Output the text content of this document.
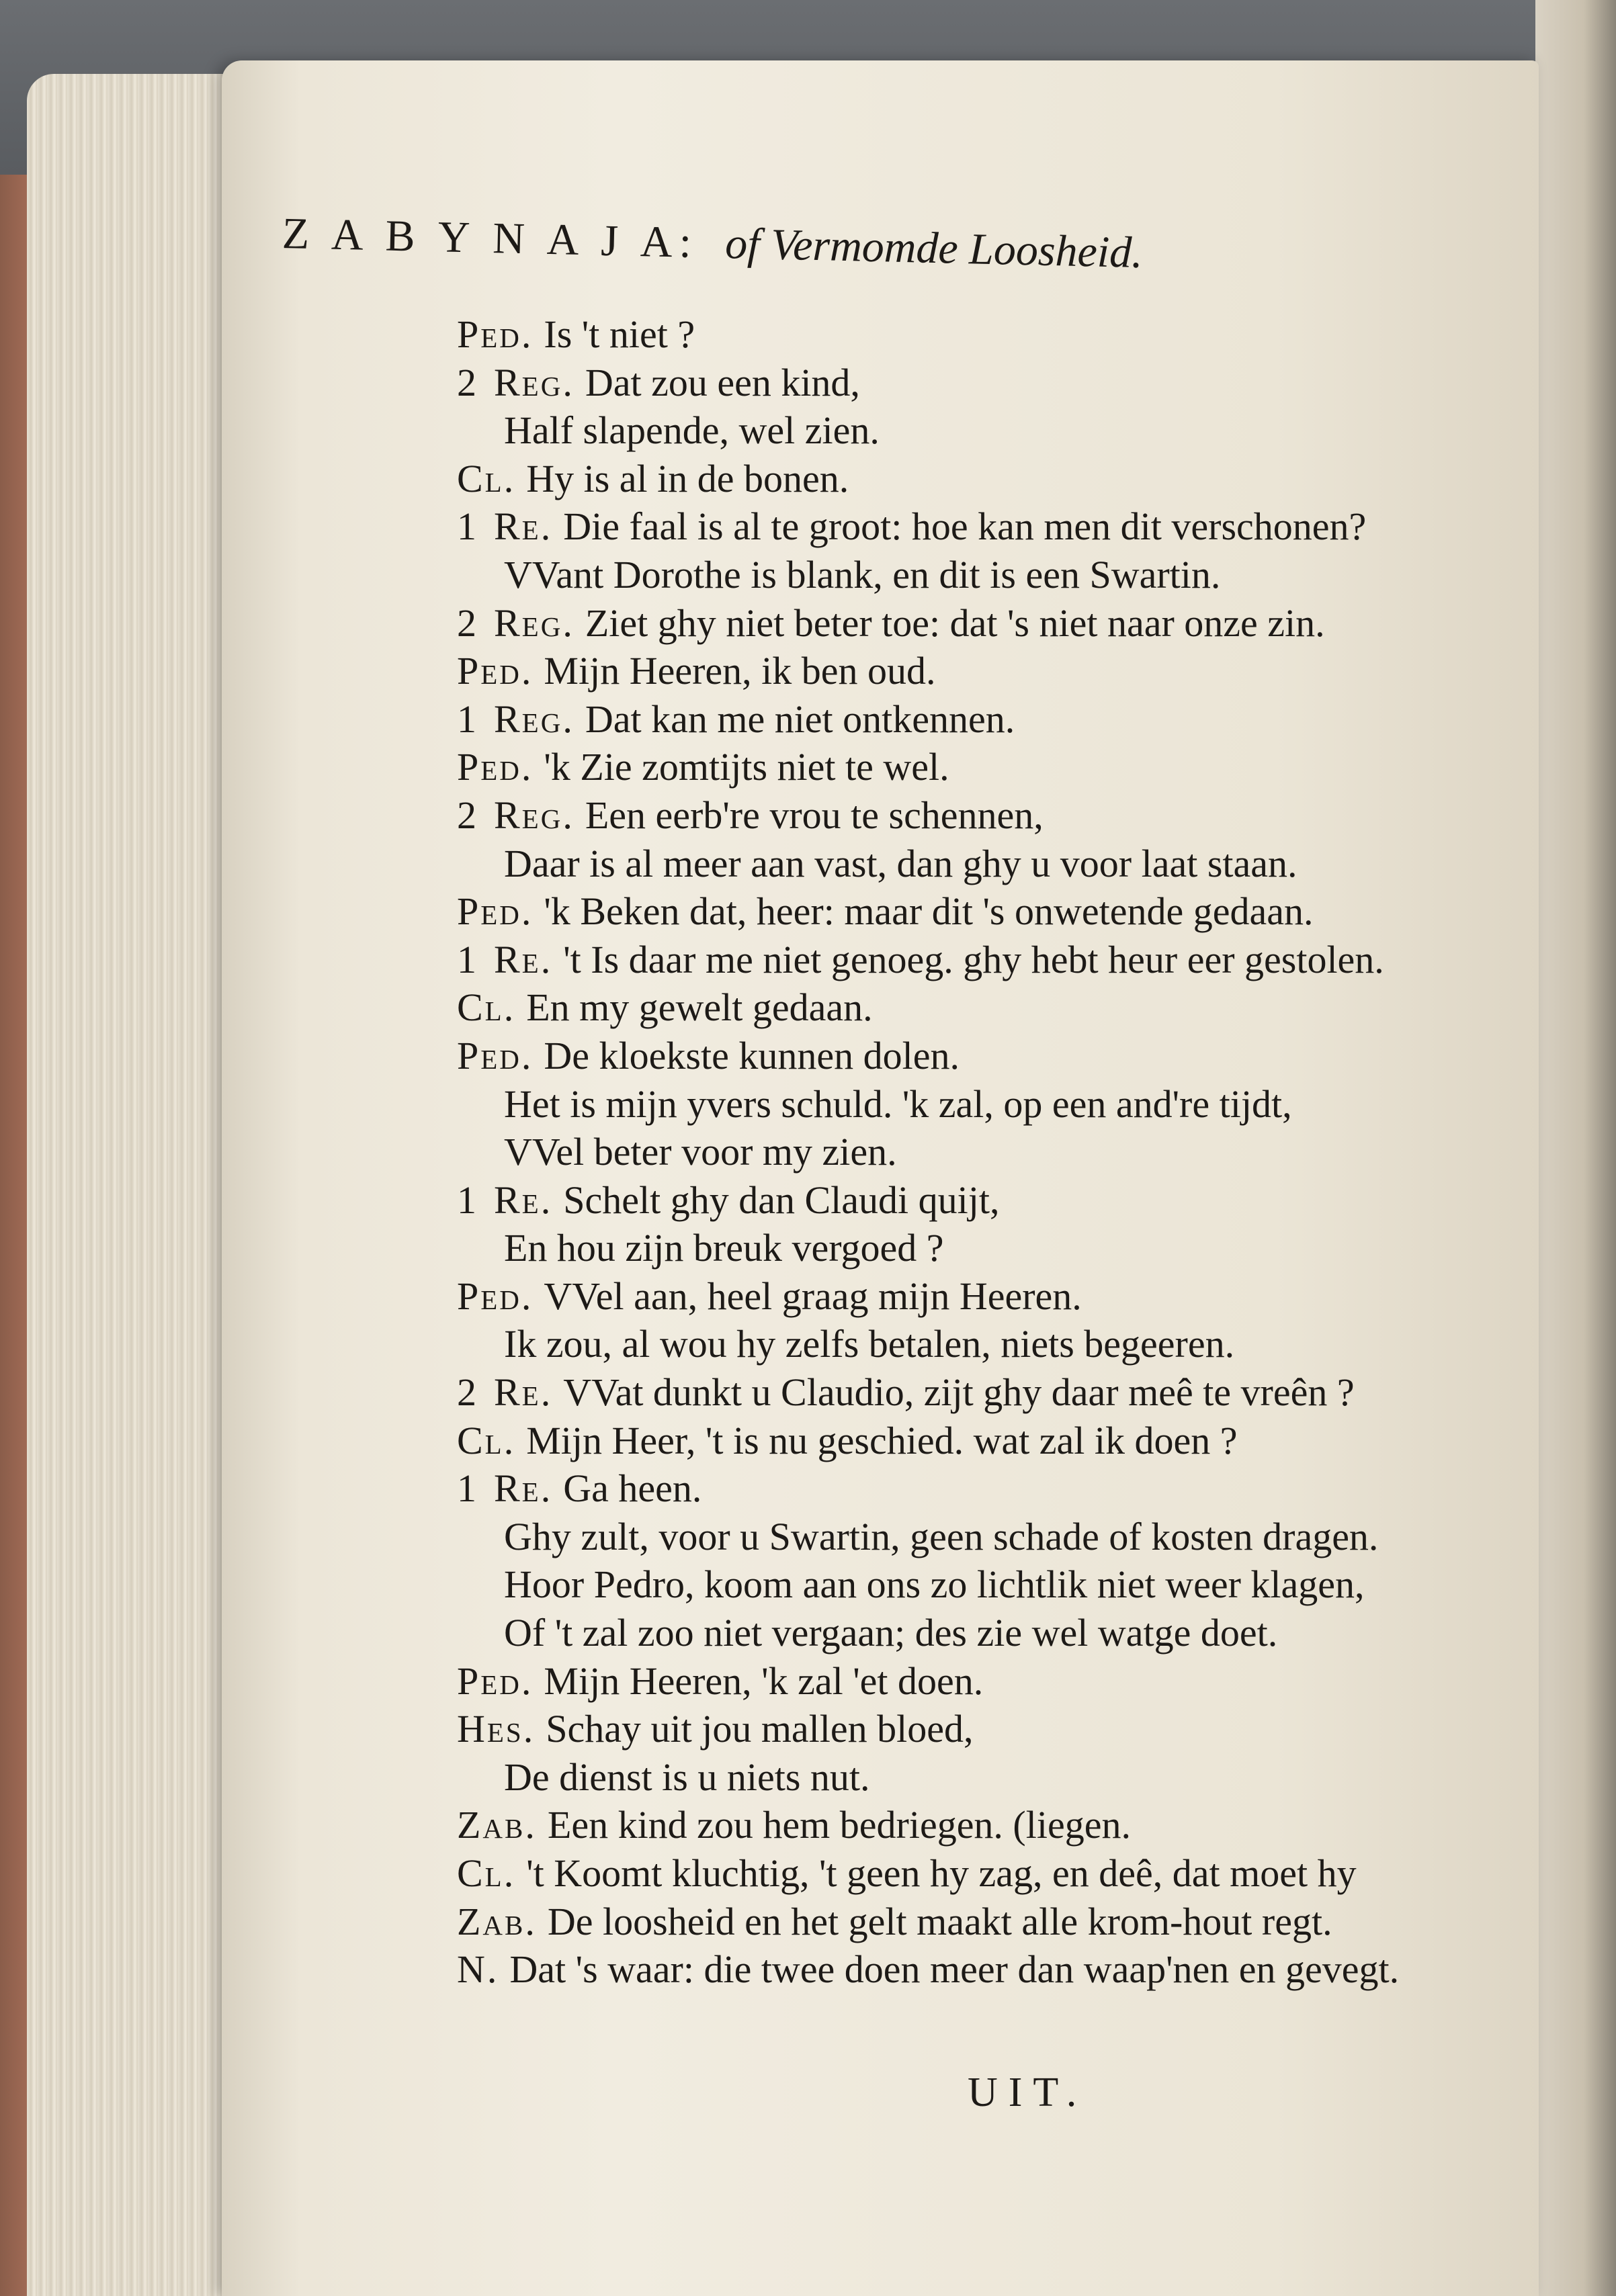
Z A B Y N A J A: of Vermomde Loosheid.
Ped. Is 't niet ?
2 Reg. Dat zou een kind,
Half slapende, wel zien.
Cl. Hy is al in de bonen.
1 Re. Die faal is al te groot: hoe kan men dit verschonen?
VVant Dorothe is blank, en dit is een Swartin.
2 Reg. Ziet ghy niet beter toe: dat 's niet naar onze zin.
Ped. Mijn Heeren, ik ben oud.
1 Reg. Dat kan me niet ontkennen.
Ped. 'k Zie zomtijts niet te wel.
2 Reg. Een eerb're vrou te schennen,
Daar is al meer aan vast, dan ghy u voor laat staan.
Ped. 'k Beken dat, heer: maar dit 's onwetende gedaan.
1 Re. 't Is daar me niet genoeg. ghy hebt heur eer gestolen.
Cl. En my gewelt gedaan.
Ped. De kloekste kunnen dolen.
Het is mijn yvers schuld. 'k zal, op een and're tijdt,
VVel beter voor my zien.
1 Re. Schelt ghy dan Claudi quijt,
En hou zijn breuk vergoed ?
Ped. VVel aan, heel graag mijn Heeren.
Ik zou, al wou hy zelfs betalen, niets begeeren.
2 Re. VVat dunkt u Claudio, zijt ghy daar meê te vreên ?
Cl. Mijn Heer, 't is nu geschied. wat zal ik doen ?
1 Re. Ga heen.
Ghy zult, voor u Swartin, geen schade of kosten dragen.
Hoor Pedro, koom aan ons zo lichtlik niet weer klagen,
Of 't zal zoo niet vergaan; des zie wel watge doet.
Ped. Mijn Heeren, 'k zal 'et doen.
Hes. Schay uit jou mallen bloed,
De dienst is u niets nut.
Zab. Een kind zou hem bedriegen. (liegen.
Cl. 't Koomt kluchtig, 't geen hy zag, en deê, dat moet hy
Zab. De loosheid en het gelt maakt alle krom-hout regt.
N. Dat 's waar: die twee doen meer dan waap'nen en gevegt.
UIT.
